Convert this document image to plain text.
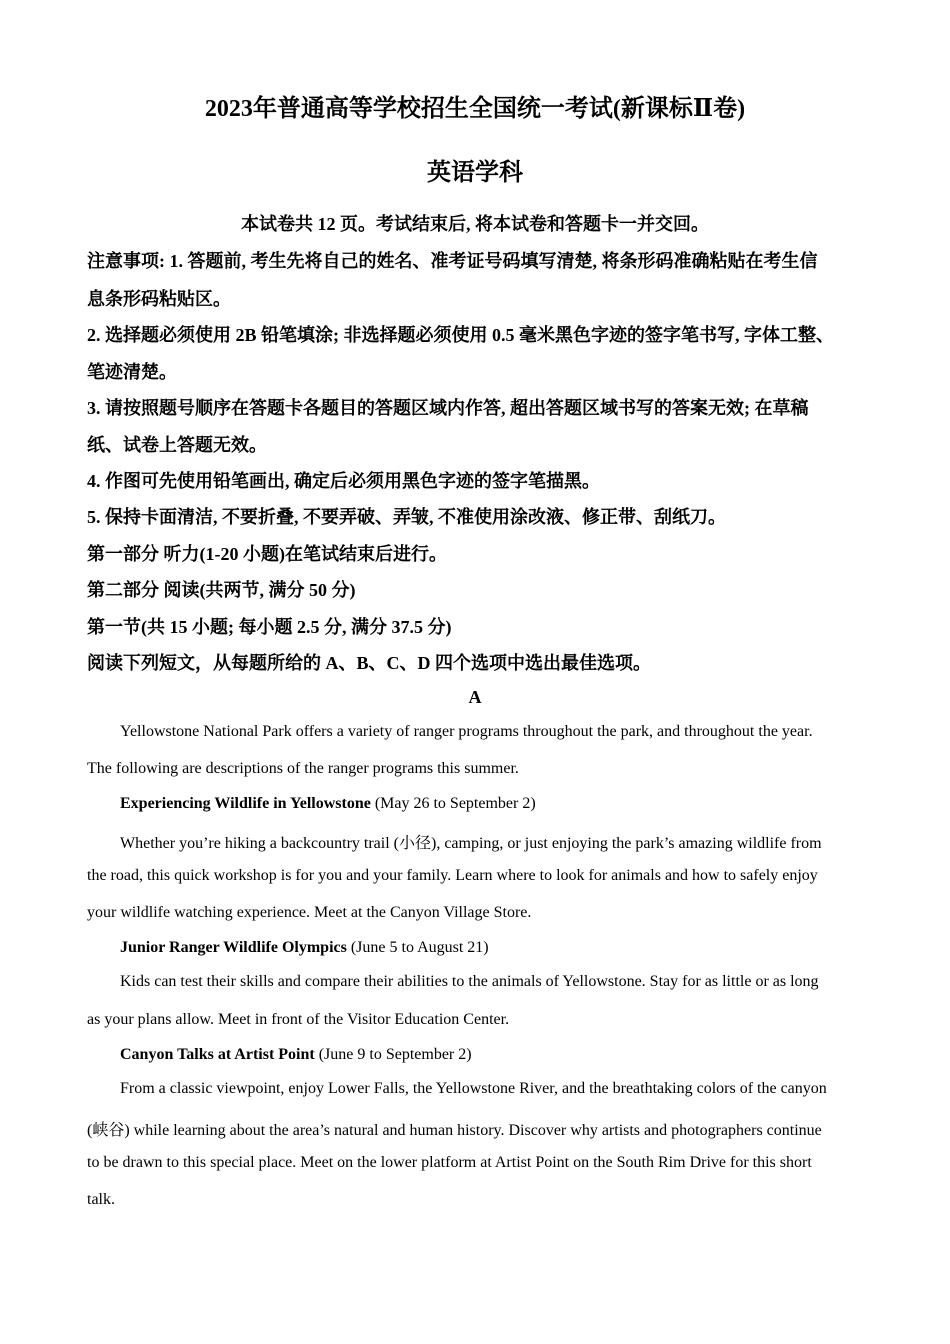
2023年普通高等学校招生全国统一考试(新课标Ⅱ卷)
英语学科
本试卷共 12 页。考试结束后, 将本试卷和答题卡一并交回。
注意事项: 1. 答题前, 考生先将自己的姓名、准考证号码填写清楚, 将条形码准确粘贴在考生信
息条形码粘贴区。
2. 选择题必须使用 2B 铅笔填涂; 非选择题必须使用 0.5 毫米黑色字迹的签字笔书写, 字体工整、
笔迹清楚。
3. 请按照题号顺序在答题卡各题目的答题区域内作答, 超出答题区域书写的答案无效; 在草稿
纸、试卷上答题无效。
4. 作图可先使用铅笔画出, 确定后必须用黑色字迹的签字笔描黑。
5. 保持卡面清洁, 不要折叠, 不要弄破、弄皱, 不准使用涂改液、修正带、刮纸刀。
第一部分 听力(1-20 小题)在笔试结束后进行。
第二部分 阅读(共两节, 满分 50 分)
第一节(共 15 小题; 每小题 2.5 分, 满分 37.5 分)
阅读下列短文，从每题所给的 A、B、C、D 四个选项中选出最佳选项。
A
Yellowstone National Park offers a variety of ranger programs throughout the park, and throughout the year.
The following are descriptions of the ranger programs this summer.
Experiencing Wildlife in Yellowstone (May 26 to September 2)
Whether you’re hiking a backcountry trail (小径), camping, or just enjoying the park’s amazing wildlife from
the road, this quick workshop is for you and your family. Learn where to look for animals and how to safely enjoy
your wildlife watching experience. Meet at the Canyon Village Store.
Junior Ranger Wildlife Olympics (June 5 to August 21)
Kids can test their skills and compare their abilities to the animals of Yellowstone. Stay for as little or as long
as your plans allow. Meet in front of the Visitor Education Center.
Canyon Talks at Artist Point (June 9 to September 2)
From a classic viewpoint, enjoy Lower Falls, the Yellowstone River, and the breathtaking colors of the canyon
(峡谷) while learning about the area’s natural and human history. Discover why artists and photographers continue
to be drawn to this special place. Meet on the lower platform at Artist Point on the South Rim Drive for this short
talk.
